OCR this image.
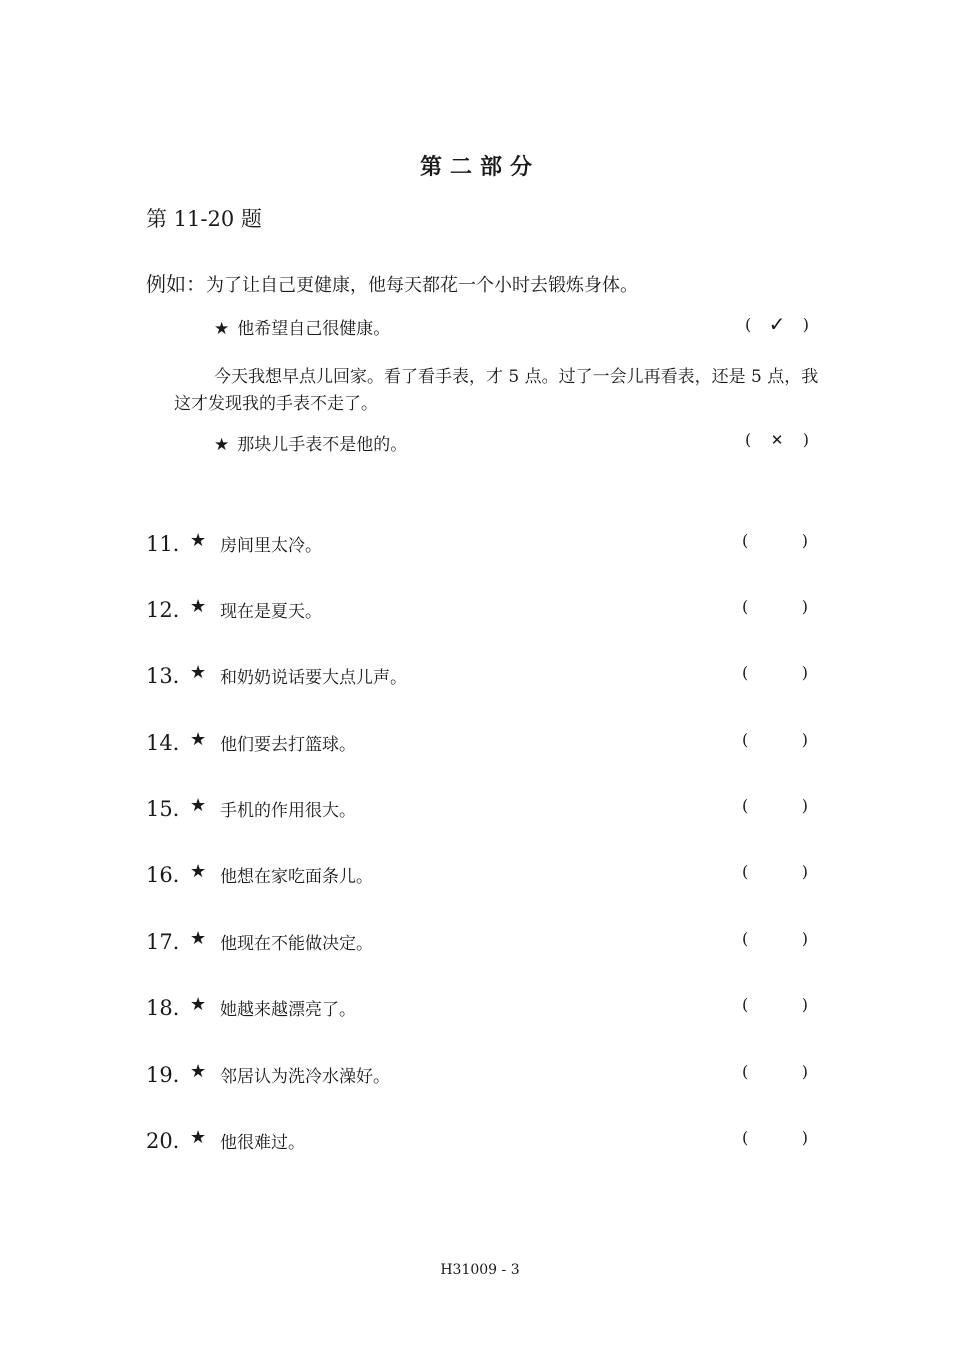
第二部分
第 11-20 题
例如：为了让自己更健康，他每天都花一个小时去锻炼身体。
★ 他希望自己很健康。	( ✓ )
今天我想早点儿回家。看了看手表，才 5 点。过了一会儿再看表，还是 5 点，我这才发现我的手表不走了。
★ 那块儿手表不是他的。	( ✕ )
11．
★ 房间里太冷。	(	)
12．
★ 现在是夏天。	(	)
13．
★ 和奶奶说话要大点儿声。	(	)
14．
★ 他们要去打篮球。	(	)
15．
★ 手机的作用很大。	(	)
16．
★ 他想在家吃面条儿。	(	)
17．
★ 他现在不能做决定。	(	)
18．
★ 她越来越漂亮了。	(	)
19．
★ 邻居认为洗冷水澡好。	(	)
20．
★ 他很难过。	(	)
H31009 - 3
